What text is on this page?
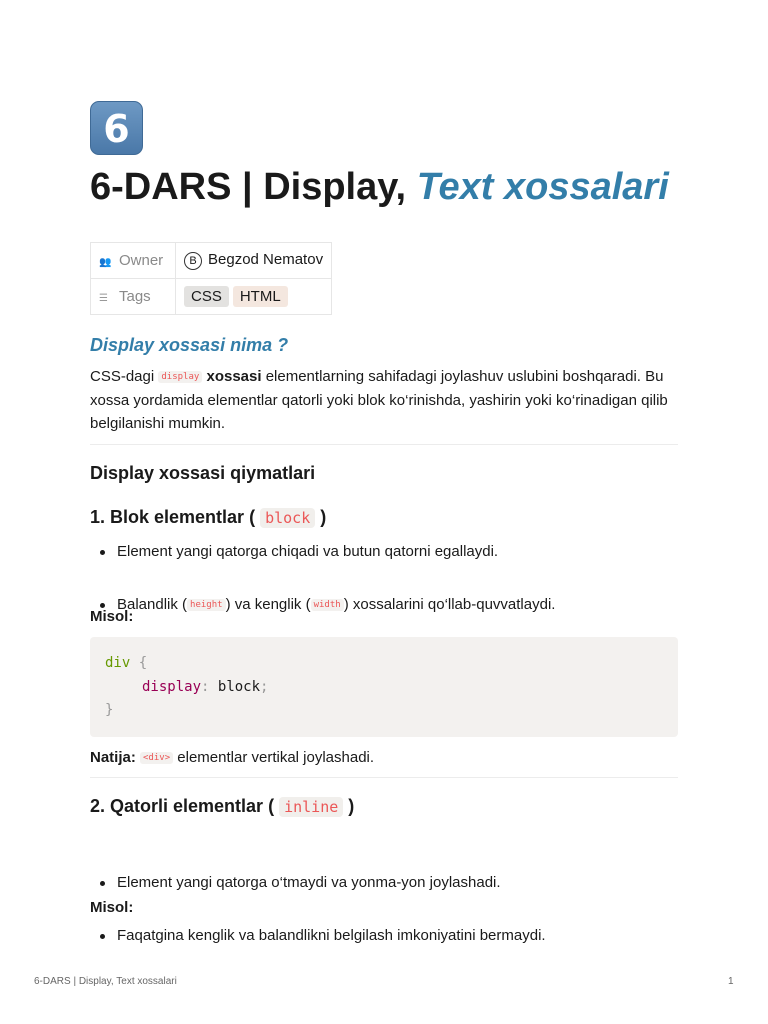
6
6-DARS | Display, Text xossalari
👥 Owner	B Begzod Nematov
☰ Tags	CSS HTML
Display xossasi nima ?

CSS-dagi display xossasi elementlarning sahifadagi joylashuv uslubini boshqaradi. Bu xossa yordamida elementlar qatorli yoki blok ko‘rinishda, yashirin yoki ko‘rinadigan qilib belgilanishi mumkin.

Display xossasi qiymatlari
1. Blok elementlar ( block )
Element yangi qatorga chiqadi va butun qatorni egallaydi.
Balandlik ( height ) va kenglik ( width ) xossalarini qo‘llab-quvvatlaydi.
Misol:
div {
display: block;
}
Natija: <div> elementlar vertikal joylashadi.
2. Qatorli elementlar ( inline )
Element yangi qatorga o‘tmaydi va yonma-yon joylashadi.
Faqatgina kenglik va balandlikni belgilash imkoniyatini bermaydi.
Misol:
6-DARS | Display, Text xossalari	1
